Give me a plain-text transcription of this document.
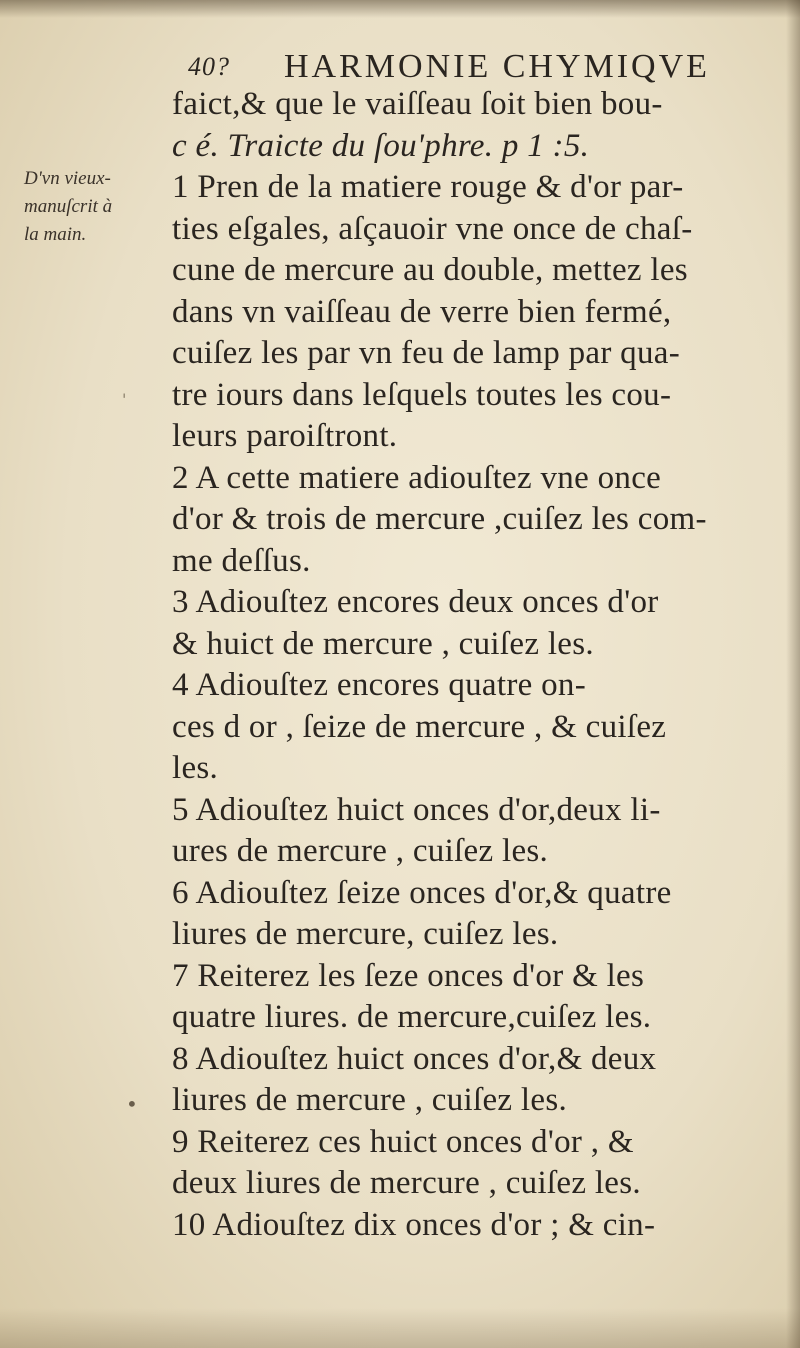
40? HARMONIE CHYMIQVE
D'vn vieux-
manuſcrit à
la main.
'
•
faict,& que le vaiſſeau ſoit bien bou-
c é. Traicte du ſou'phre. p 1 :5.
1 Pren de la matiere rouge & d'or par-
ties eſgales, aſçauoir vne once de chaſ-
cune de mercure au double, mettez les
dans vn vaiſſeau de verre bien fermé,
cuiſez les par vn feu de lamp par qua-
tre iours dans leſquels toutes les cou-
leurs paroiſtront.
2 A cette matiere adiouſtez vne once
d'or & trois de mercure ,cuiſez les com-
me deſſus.
3 Adiouſtez encores deux onces d'or
& huict de mercure , cuiſez les.
4 Adiouſtez encores quatre on-
ces d or , ſeize de mercure , & cuiſez
les.
5 Adiouſtez huict onces d'or,deux li-
ures de mercure , cuiſez les.
6 Adiouſtez ſeize onces d'or,& quatre
liures de mercure, cuiſez les.
7 Reiterez les ſeze onces d'or & les
quatre liures. de mercure,cuiſez les.
8 Adiouſtez huict onces d'or,& deux
liures de mercure , cuiſez les.
9 Reiterez ces huict onces d'or , &
deux liures de mercure , cuiſez les.
10 Adiouſtez dix onces d'or ; & cin-
